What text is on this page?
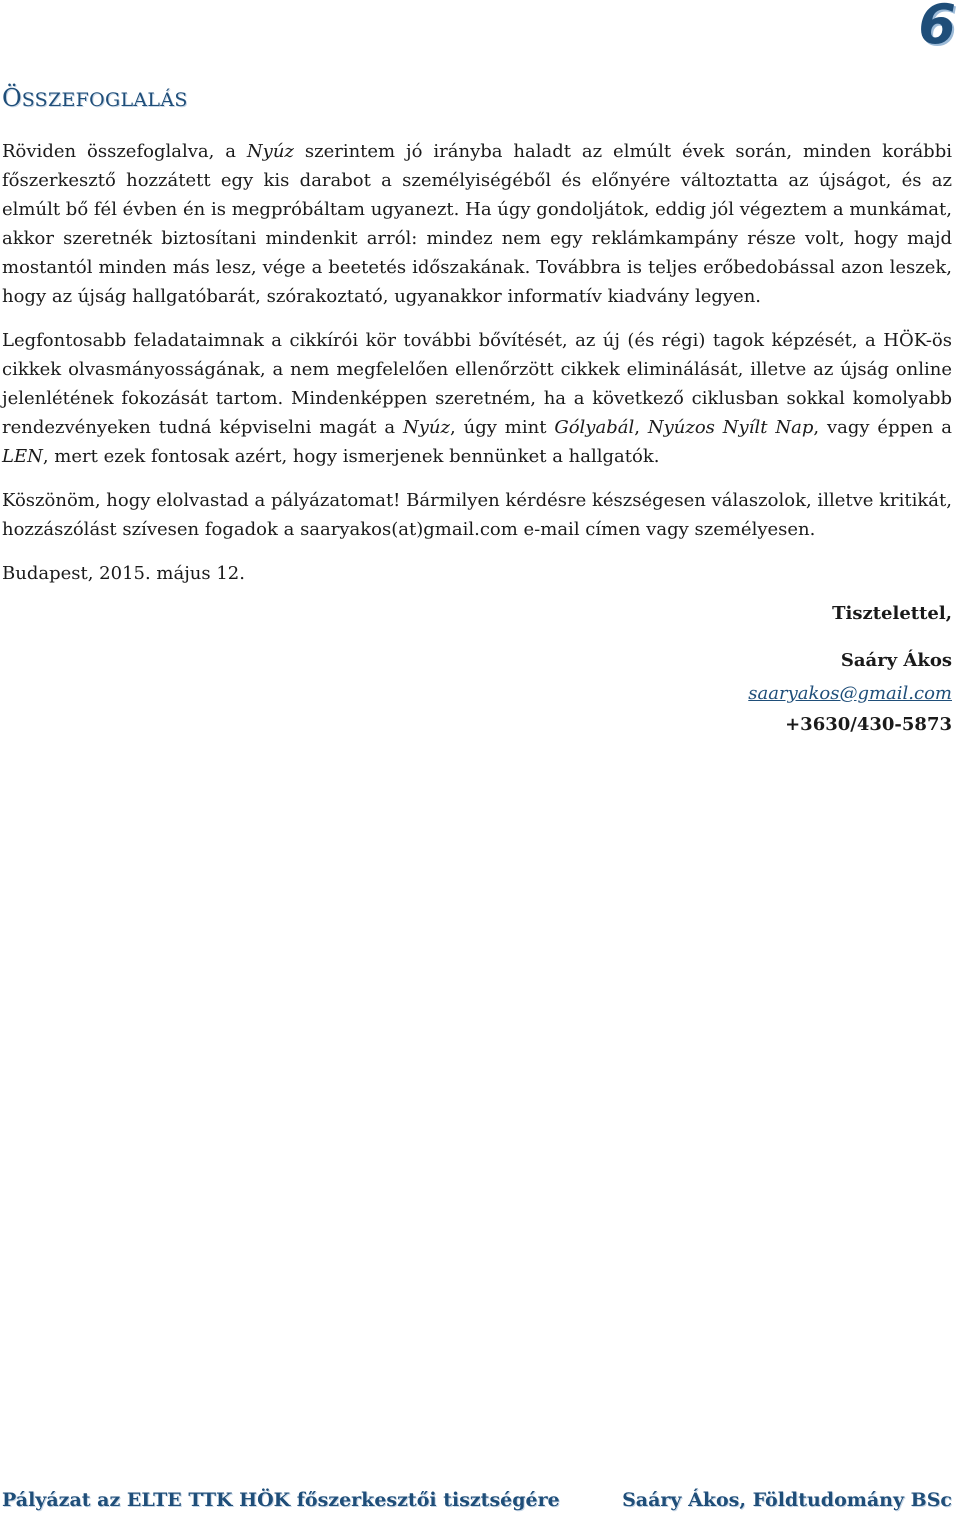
6
ÖSSZEFOGLALÁS

Röviden összefoglalva, a Nyúz szerintem jó irányba haladt az elmúlt évek során, minden korábbi főszerkesztő hozzátett egy kis darabot a személyiségéből és előnyére változtatta az újságot, és az elmúlt bő fél évben én is megpróbáltam ugyanezt. Ha úgy gondoljátok, eddig jól végeztem a munkámat, akkor szeretnék biztosítani mindenkit arról: mindez nem egy reklámkampány része volt, hogy majd mostantól minden más lesz, vége a beetetés időszakának. Továbbra is teljes erőbedobással azon leszek, hogy az újság hallgatóbarát, szórakoztató, ugyanakkor informatív kiadvány legyen.

Legfontosabb feladataimnak a cikkírói kör további bővítését, az új (és régi) tagok képzését, a HÖK-ös cikkek olvasmányosságának, a nem megfelelően ellenőrzött cikkek eliminálását, illetve az újság online jelenlétének fokozását tartom. Mindenképpen szeretném, ha a következő ciklusban sokkal komolyabb rendezvényeken tudná képviselni magát a Nyúz, úgy mint Gólyabál, Nyúzos Nyílt Nap, vagy éppen a LEN, mert ezek fontosak azért, hogy ismerjenek bennünket a hallgatók.

Köszönöm, hogy elolvastad a pályázatomat! Bármilyen kérdésre készségesen válaszolok, illetve kritikát, hozzászólást szívesen fogadok a saaryakos(at)gmail.com e-mail címen vagy személyesen.

Budapest, 2015. május 12.

Tisztelettel,
Saáry Ákos
saaryakos@gmail.com
+3630/430-5873
Pályázat az ELTE TTK HÖK főszerkesztői tisztségére	Saáry Ákos, Földtudomány BSc
